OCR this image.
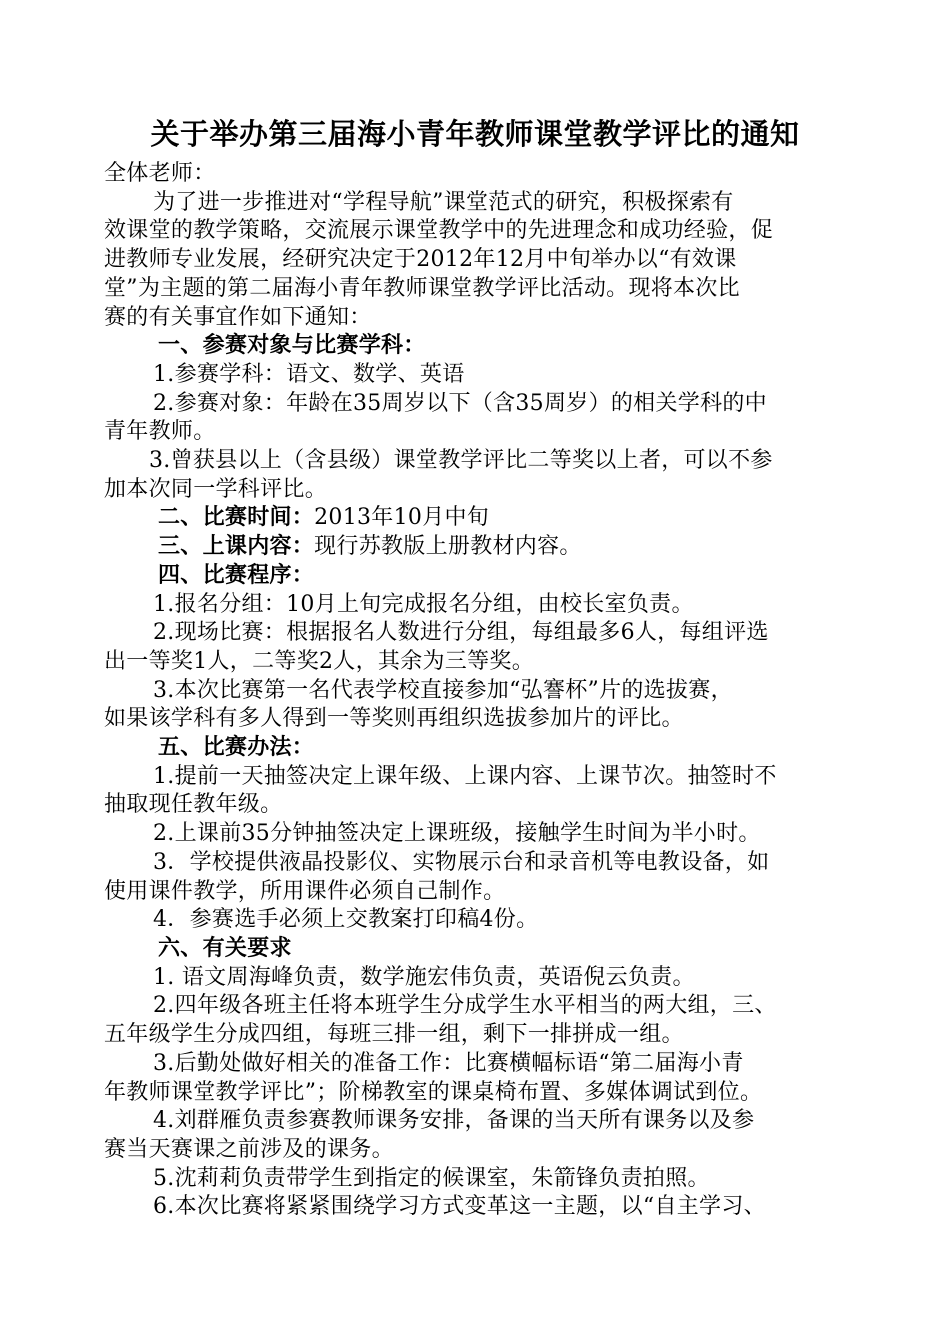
关于举办第三届海小青年教师课堂教学评比的通知
全体老师：
为了进一步推进对“学程导航”课堂范式的研究，积极探索有
效课堂的教学策略，交流展示课堂教学中的先进理念和成功经验，促
进教师专业发展，经研究决定于2012年12月中旬举办以“有效课
堂”为主题的第二届海小青年教师课堂教学评比活动。现将本次比
赛的有关事宜作如下通知：
一、参赛对象与比赛学科：
1.参赛学科：语文、数学、英语
2.参赛对象：年龄在35周岁以下（含35周岁）的相关学科的中
青年教师。
3.曾获县以上（含县级）课堂教学评比二等奖以上者，可以不参
加本次同一学科评比。
二、比赛时间：2013年10月中旬
三、上课内容：现行苏教版上册教材内容。
四、比赛程序：
1.报名分组：10月上旬完成报名分组，由校长室负责。
2.现场比赛：根据报名人数进行分组，每组最多6人，每组评选
出一等奖1人，二等奖2人，其余为三等奖。
3.本次比赛第一名代表学校直接参加“弘謇杯”片的选拔赛，
如果该学科有多人得到一等奖则再组织选拔参加片的评比。
五、比赛办法：
1.提前一天抽签决定上课年级、上课内容、上课节次。抽签时不
抽取现任教年级。
2.上课前35分钟抽签决定上课班级，接触学生时间为半小时。
3．学校提供液晶投影仪、实物展示台和录音机等电教设备，如
使用课件教学，所用课件必须自己制作。
4．参赛选手必须上交教案打印稿4份。
六、有关要求
1. 语文周海峰负责，数学施宏伟负责，英语倪云负责。
2.四年级各班主任将本班学生分成学生水平相当的两大组，三、
五年级学生分成四组，每班三排一组，剩下一排拼成一组。
3.后勤处做好相关的准备工作：比赛横幅标语“第二届海小青
年教师课堂教学评比”；阶梯教室的课桌椅布置、多媒体调试到位。
4.刘群雁负责参赛教师课务安排，备课的当天所有课务以及参
赛当天赛课之前涉及的课务。
5.沈莉莉负责带学生到指定的候课室，朱箭锋负责拍照。
6.本次比赛将紧紧围绕学习方式变革这一主题，以“自主学习、
